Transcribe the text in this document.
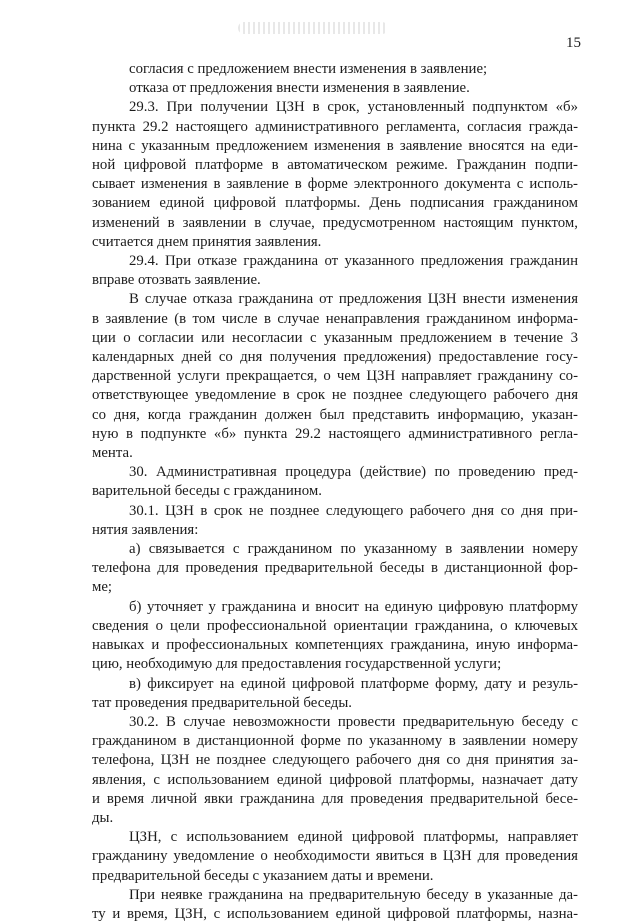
15

согласия с предложением внести изменения в заявление;

отказа от предложения внести изменения в заявление.

29.3. При получении ЦЗН в срок, установленный подпунктом «б»
пункта 29.2 настоящего административного регламента, согласия гражда-
нина с указанным предложением изменения в заявление вносятся на еди-
ной цифровой платформе в автоматическом режиме. Гражданин подпи-
сывает изменения в заявление в форме электронного документа с исполь-
зованием единой цифровой платформы. День подписания гражданином
изменений в заявлении в случае, предусмотренном настоящим пунктом,
считается днем принятия заявления.

29.4. При отказе гражданина от указанного предложения гражданин
вправе отозвать заявление.

В случае отказа гражданина от предложения ЦЗН внести изменения
в заявление (в том числе в случае ненаправления гражданином информа-
ции о согласии или несогласии с указанным предложением в течение 3
календарных дней со дня получения предложения) предоставление госу-
дарственной услуги прекращается, о чем ЦЗН направляет гражданину со-
ответствующее уведомление в срок не позднее следующего рабочего дня
со дня, когда гражданин должен был представить информацию, указан-
ную в подпункте «б» пункта 29.2 настоящего административного регла-
мента.

30. Административная процедура (действие) по проведению пред-
варительной беседы с гражданином.

30.1. ЦЗН в срок не позднее следующего рабочего дня со дня при-
нятия заявления:

а) связывается с гражданином по указанному в заявлении номеру
телефона для проведения предварительной беседы в дистанционной фор-
ме;

б) уточняет у гражданина и вносит на единую цифровую платформу
сведения о цели профессиональной ориентации гражданина, о ключевых
навыках и профессиональных компетенциях гражданина, иную информа-
цию, необходимую для предоставления государственной услуги;

в) фиксирует на единой цифровой платформе форму, дату и резуль-
тат проведения предварительной беседы.

30.2. В случае невозможности провести предварительную беседу с
гражданином в дистанционной форме по указанному в заявлении номеру
телефона, ЦЗН не позднее следующего рабочего дня со дня принятия за-
явления, с использованием единой цифровой платформы, назначает дату
и время личной явки гражданина для проведения предварительной бесе-
ды.

ЦЗН, с использованием единой цифровой платформы, направляет
гражданину уведомление о необходимости явиться в ЦЗН для проведения
предварительной беседы с указанием даты и времени.

При неявке гражданина на предварительную беседу в указанные да-
ту и время, ЦЗН, с использованием единой цифровой платформы, назна-
